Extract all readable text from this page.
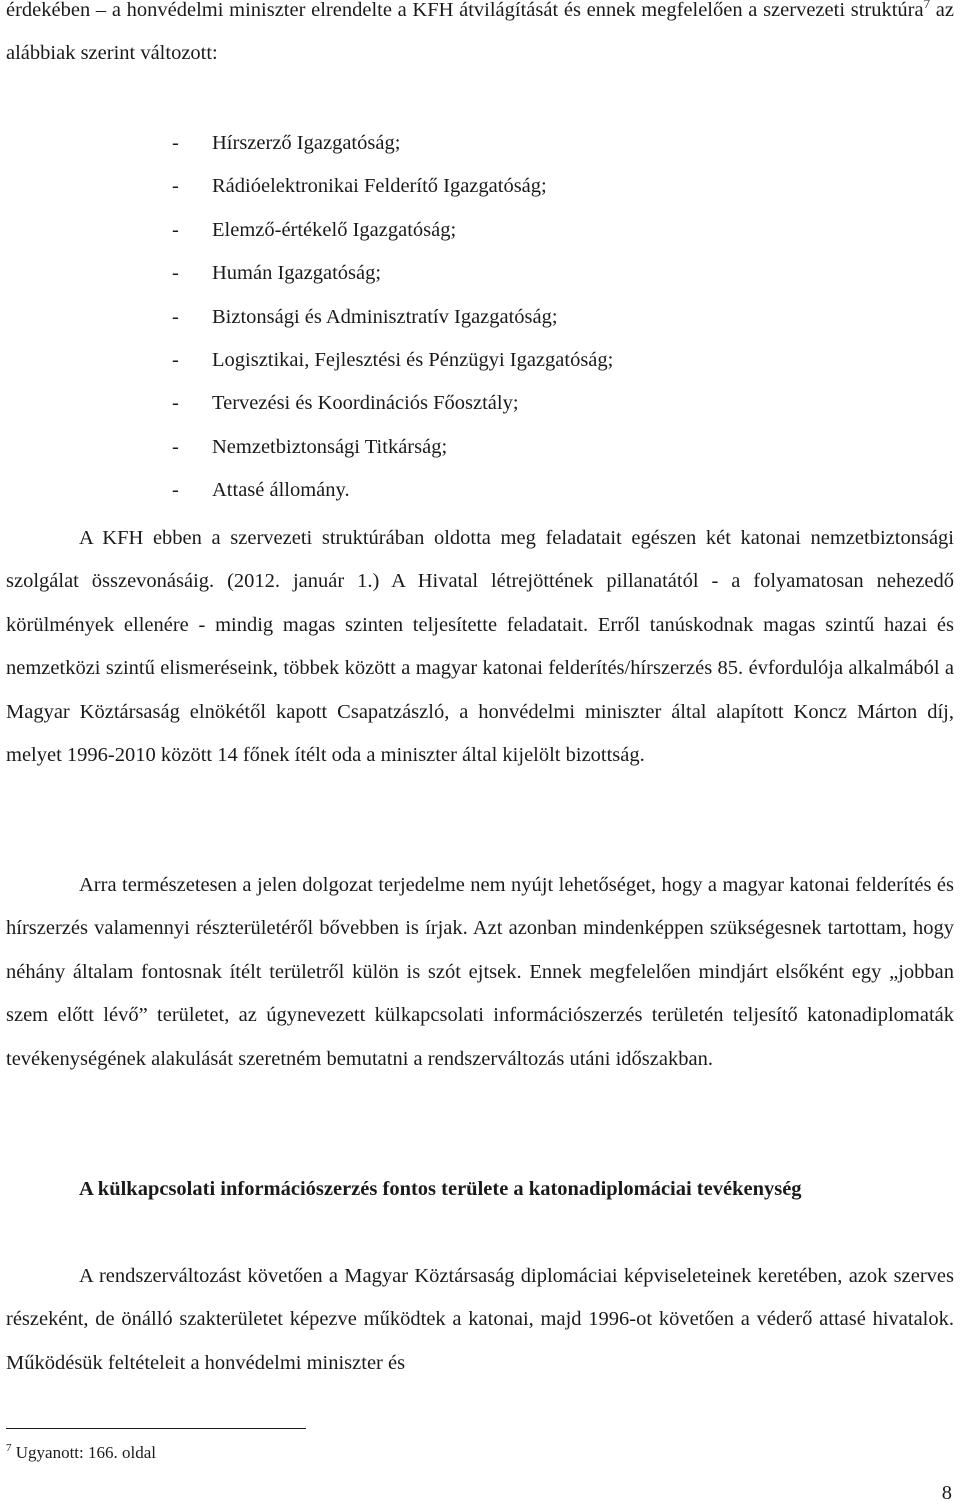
érdekében – a honvédelmi miniszter elrendelte a KFH átvilágítását és ennek megfelelően a szervezeti struktúra$^7$ az alábbiak szerint változott:

- Hírszerző Igazgatóság;
- Rádióelektronikai Felderítő Igazgatóság;
- Elemző-értékelő Igazgatóság;
- Humán Igazgatóság;
- Biztonsági és Adminisztratív Igazgatóság;
- Logisztikai, Fejlesztési és Pénzügyi Igazgatóság;
- Tervezési és Koordinációs Főosztály;
- Nemzetbiztonsági Titkárság;
- Attasé állomány.

A KFH ebben a szervezeti struktúrában oldotta meg feladatait egészen két katonai nemzetbiztonsági szolgálat összevonásáig. (2012. január 1.) A Hivatal létrejöttének pillanatától - a folyamatosan nehezedő körülmények ellenére - mindig magas szinten teljesítette feladatait. Erről tanúskodnak magas szintű hazai és nemzetközi szintű elismeréseink, többek között a magyar katonai felderítés/hírszerzés 85. évfordulója alkalmából a Magyar Köztársaság elnökétől kapott Csapatzászló, a honvédelmi miniszter által alapított Koncz Márton díj, melyet 1996-2010 között 14 főnek ítélt oda a miniszter által kijelölt bizottság.

Arra természetesen a jelen dolgozat terjedelme nem nyújt lehetőséget, hogy a magyar katonai felderítés és hírszerzés valamennyi részterületéről bővebben is írjak. Azt azonban mindenképpen szükségesnek tartottam, hogy néhány általam fontosnak ítélt területről külön is szót ejtsek. Ennek megfelelően mindjárt elsőként egy „jobban szem előtt lévő” területet, az úgynevezett külkapcsolati információszerzés területén teljesítő katonadiplomaták tevékenységének alakulását szeretném bemutatni a rendszerváltozás utáni időszakban.

A külkapcsolati információszerzés fontos területe a katonadiplomáciai tevékenység

A rendszerváltozást követően a Magyar Köztársaság diplomáciai képviseleteinek keretében, azok szerves részeként, de önálló szakterületet képezve működtek a katonai, majd 1996-ot követően a véderő attasé hivatalok. Működésük feltételeit a honvédelmi miniszter és

$^7$ Ugyanott: 166. oldal

8
